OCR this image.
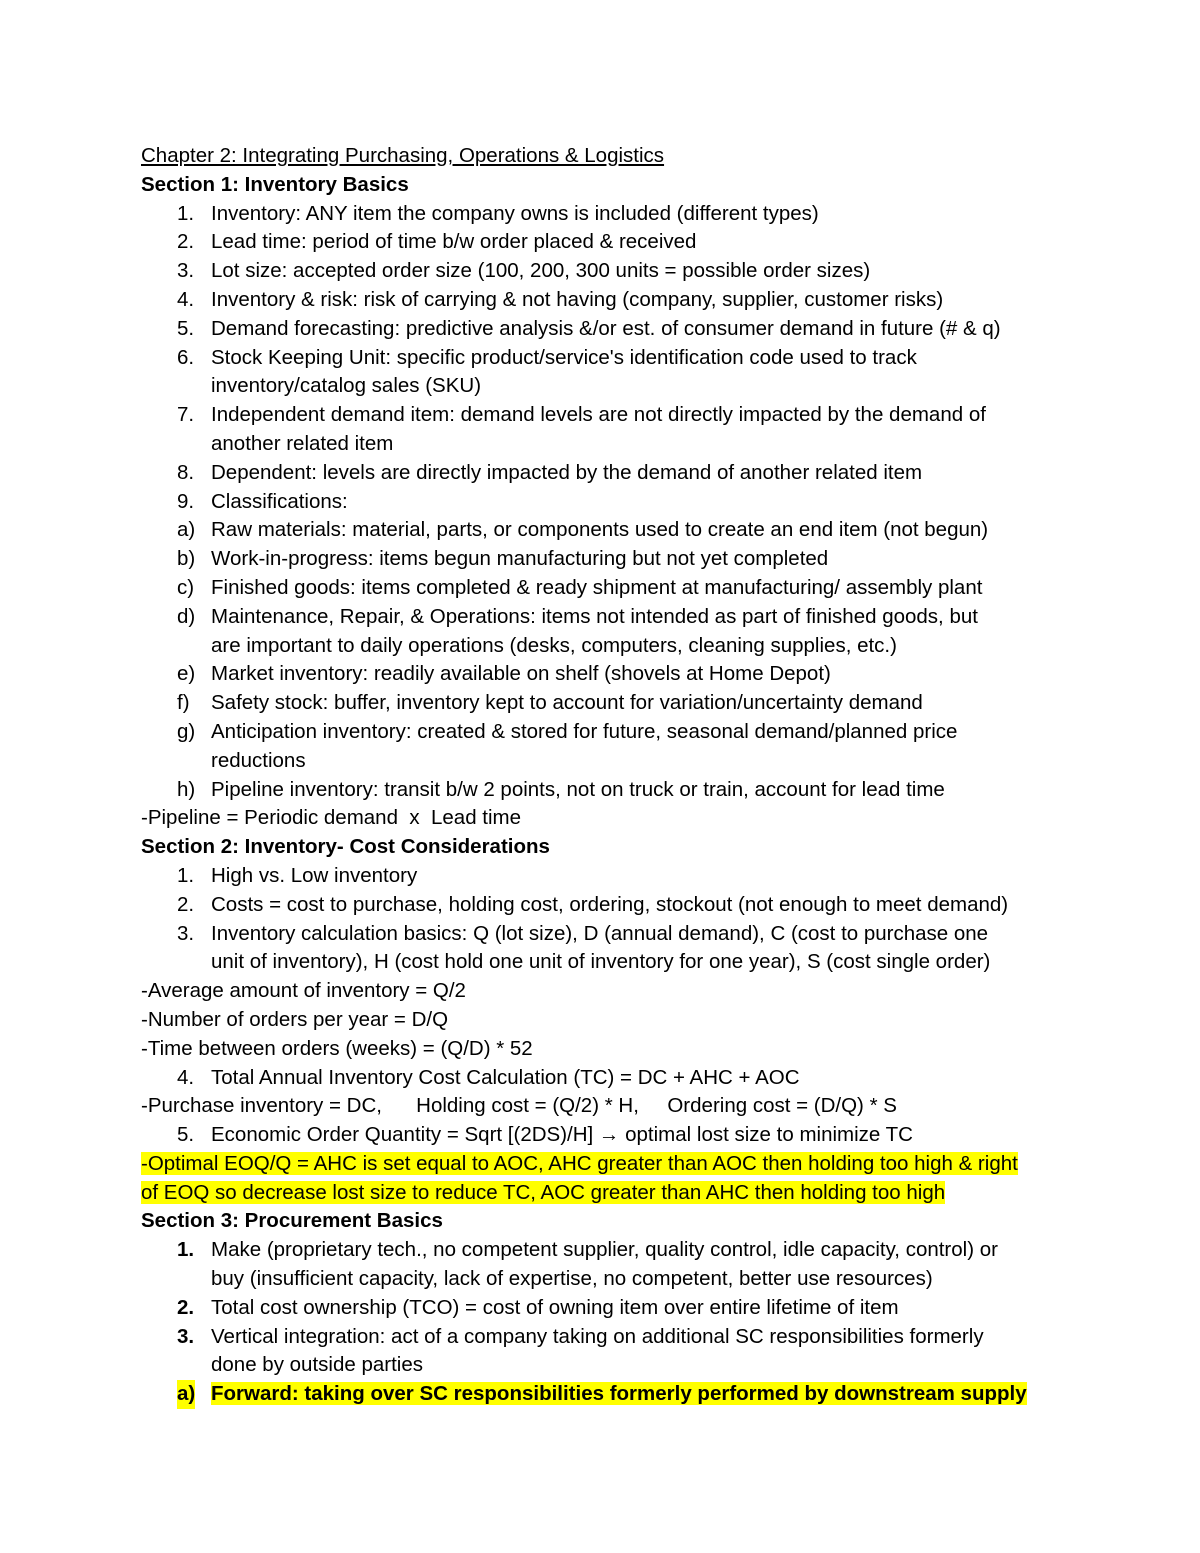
Chapter 2: Integrating Purchasing, Operations & Logistics
Section 1: Inventory Basics
1. Inventory: ANY item the company owns is included (different types)
2. Lead time: period of time b/w order placed & received
3. Lot size: accepted order size (100, 200, 300 units = possible order sizes)
4. Inventory & risk: risk of carrying & not having (company, supplier, customer risks)
5. Demand forecasting: predictive analysis &/or est. of consumer demand in future (# & q)
6. Stock Keeping Unit: specific product/service's identification code used to track
inventory/catalog sales (SKU)
7. Independent demand item: demand levels are not directly impacted by the demand of
another related item
8. Dependent: levels are directly impacted by the demand of another related item
9. Classifications:
a) Raw materials: material, parts, or components used to create an end item (not begun)
b) Work-in-progress: items begun manufacturing but not yet completed
c) Finished goods: items completed & ready shipment at manufacturing/ assembly plant
d) Maintenance, Repair, & Operations: items not intended as part of finished goods, but
are important to daily operations (desks, computers, cleaning supplies, etc.)
e) Market inventory: readily available on shelf (shovels at Home Depot)
f) Safety stock: buffer, inventory kept to account for variation/uncertainty demand
g) Anticipation inventory: created & stored for future, seasonal demand/planned price
reductions
h) Pipeline inventory: transit b/w 2 points, not on truck or train, account for lead time
-Pipeline = Periodic demand  x  Lead time
Section 2: Inventory- Cost Considerations
1. High vs. Low inventory
2. Costs = cost to purchase, holding cost, ordering, stockout (not enough to meet demand)
3. Inventory calculation basics: Q (lot size), D (annual demand), C (cost to purchase one
unit of inventory), H (cost hold one unit of inventory for one year), S (cost single order)
-Average amount of inventory = Q/2
-Number of orders per year = D/Q
-Time between orders (weeks) = (Q/D) * 52
4. Total Annual Inventory Cost Calculation (TC) = DC + AHC + AOC
-Purchase inventory = DC,      Holding cost = (Q/2) * H,     Ordering cost = (D/Q) * S
5. Economic Order Quantity = Sqrt [(2DS)/H] → optimal lost size to minimize TC
-Optimal EOQ/Q = AHC is set equal to AOC, AHC greater than AOC then holding too high & right
of EOQ so decrease lost size to reduce TC, AOC greater than AHC then holding too high
Section 3: Procurement Basics
1. Make (proprietary tech., no competent supplier, quality control, idle capacity, control) or
buy (insufficient capacity, lack of expertise, no competent, better use resources)
2. Total cost ownership (TCO) = cost of owning item over entire lifetime of item
3. Vertical integration: act of a company taking on additional SC responsibilities formerly
done by outside parties
a) Forward: taking over SC responsibilities formerly performed by downstream supply
